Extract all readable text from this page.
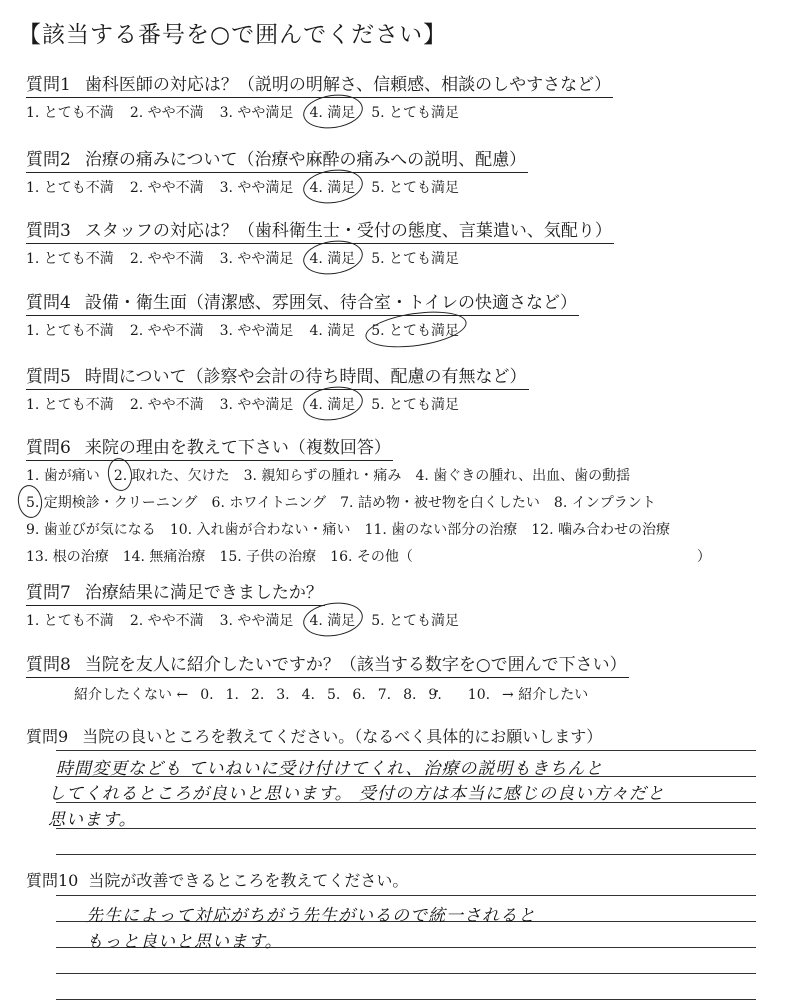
【該当する番号を○で囲んでください】
質問1 歯科医師の対応は？（説明の明解さ、信頼感、相談のしやすさなど）
1. とても不満 2. やや不満 3. やや満足 4. 満足 5. とても満足
質問2 治療の痛みについて（治療や麻酔の痛みへの説明、配慮）
1. とても不満 2. やや不満 3. やや満足 4. 満足 5. とても満足
質問3 スタッフの対応は？（歯科衛生士・受付の態度、言葉遣い、気配り）
1. とても不満 2. やや不満 3. やや満足 4. 満足 5. とても満足
質問4 設備・衛生面（清潔感、雰囲気、待合室・トイレの快適さなど）
1. とても不満 2. やや不満 3. やや満足 4. 満足 5. とても満足
質問5 時間について（診察や会計の待ち時間、配慮の有無など）
1. とても不満 2. やや不満 3. やや満足 4. 満足 5. とても満足
質問6 来院の理由を教えて下さい（複数回答）
1. 歯が痛い 2. 取れた、欠けた 3. 親知らずの腫れ・痛み 4. 歯ぐきの腫れ、出血、歯の動揺
5. 定期検診・クリーニング 6. ホワイトニング 7. 詰め物・被せ物を白くしたい 8. インプラント
9. 歯並びが気になる 10. 入れ歯が合わない・痛い 11. 歯のない部分の治療 12. 噛み合わせの治療
13. 根の治療 14. 無痛治療 15. 子供の治療 16. その他（	）
質問7 治療結果に満足できましたか？
1. とても不満 2. やや不満 3. やや満足 4. 満足 5. とても満足
質問8 当院を友人に紹介したいですか？（該当する数字を○で囲んで下さい）
紹介したくない ← 0. 1. 2. 3. 4. 5. 6. 7. 8. 9. 10. → 紹介したい
質問9 当院の良いところを教えてください。（なるべく具体的にお願いします）
時間変更なども ていねいに受け付けてくれ、治療の説明もきちんと
してくれるところが良いと思います。 受付の方は本当に感じの良い方々だと
思います。
質問10 当院が改善できるところを教えてください。
先生によって対応がちがう先生がいるので統一されると
もっと良いと思います。
